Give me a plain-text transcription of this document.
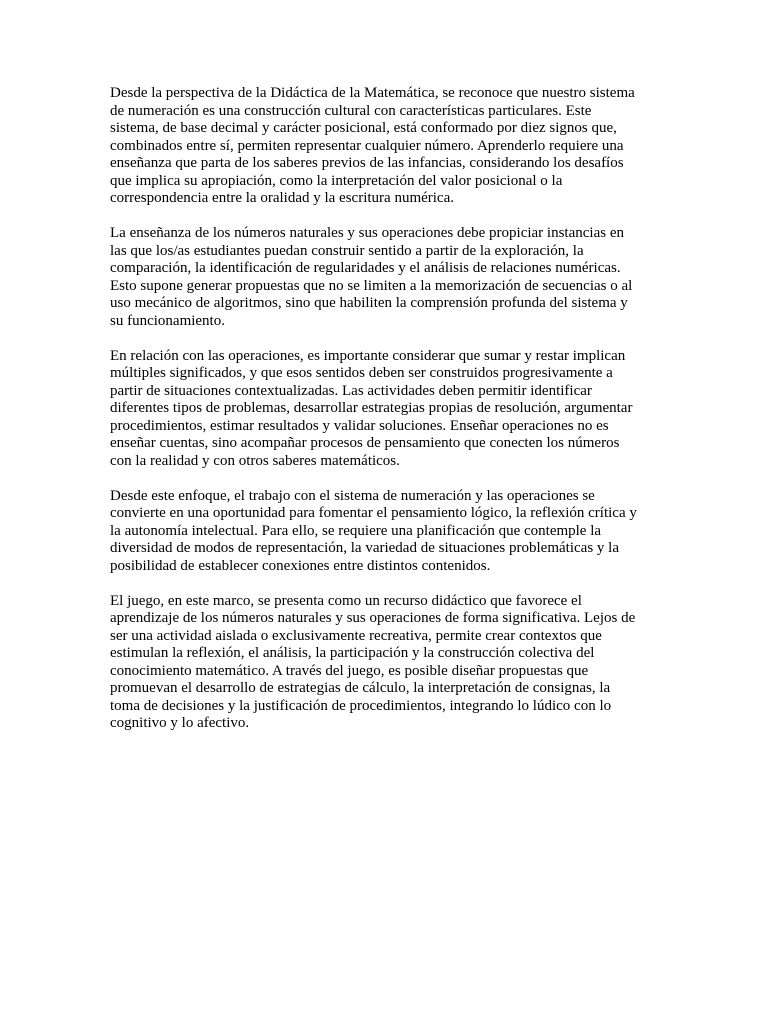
Desde la perspectiva de la Didáctica de la Matemática, se reconoce que nuestro sistema
de numeración es una construcción cultural con características particulares. Este
sistema, de base decimal y carácter posicional, está conformado por diez signos que,
combinados entre sí, permiten representar cualquier número. Aprenderlo requiere una
enseñanza que parta de los saberes previos de las infancias, considerando los desafíos
que implica su apropiación, como la interpretación del valor posicional o la
correspondencia entre la oralidad y la escritura numérica.

La enseñanza de los números naturales y sus operaciones debe propiciar instancias en
las que los/as estudiantes puedan construir sentido a partir de la exploración, la
comparación, la identificación de regularidades y el análisis de relaciones numéricas.
Esto supone generar propuestas que no se limiten a la memorización de secuencias o al
uso mecánico de algoritmos, sino que habiliten la comprensión profunda del sistema y
su funcionamiento.

En relación con las operaciones, es importante considerar que sumar y restar implican
múltiples significados, y que esos sentidos deben ser construidos progresivamente a
partir de situaciones contextualizadas. Las actividades deben permitir identificar
diferentes tipos de problemas, desarrollar estrategias propias de resolución, argumentar
procedimientos, estimar resultados y validar soluciones. Enseñar operaciones no es
enseñar cuentas, sino acompañar procesos de pensamiento que conecten los números
con la realidad y con otros saberes matemáticos.

Desde este enfoque, el trabajo con el sistema de numeración y las operaciones se
convierte en una oportunidad para fomentar el pensamiento lógico, la reflexión crítica y
la autonomía intelectual. Para ello, se requiere una planificación que contemple la
diversidad de modos de representación, la variedad de situaciones problemáticas y la
posibilidad de establecer conexiones entre distintos contenidos.

El juego, en este marco, se presenta como un recurso didáctico que favorece el
aprendizaje de los números naturales y sus operaciones de forma significativa. Lejos de
ser una actividad aislada o exclusivamente recreativa, permite crear contextos que
estimulan la reflexión, el análisis, la participación y la construcción colectiva del
conocimiento matemático. A través del juego, es posible diseñar propuestas que
promuevan el desarrollo de estrategias de cálculo, la interpretación de consignas, la
toma de decisiones y la justificación de procedimientos, integrando lo lúdico con lo
cognitivo y lo afectivo.
